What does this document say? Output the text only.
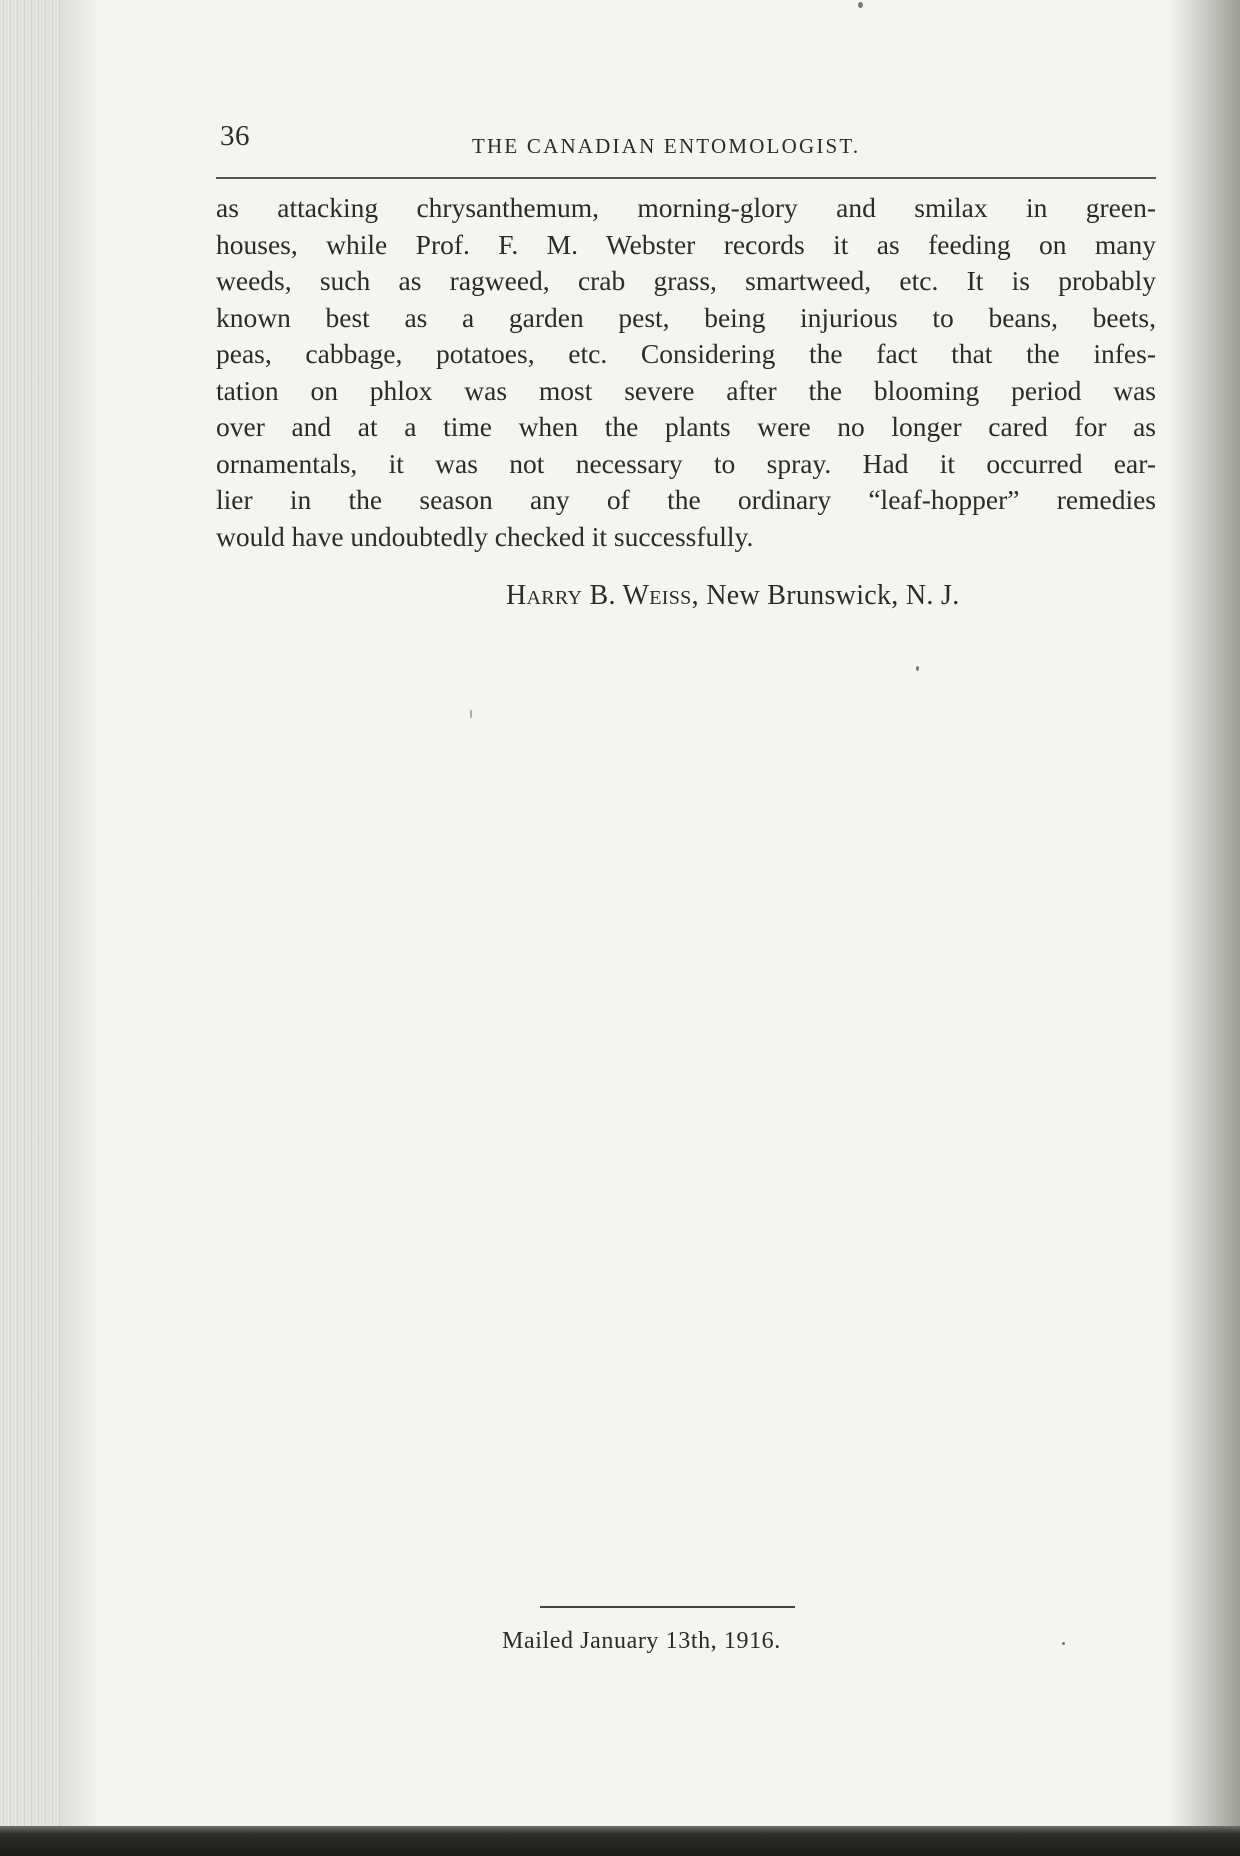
36	THE CANADIAN ENTOMOLOGIST.
as attacking chrysanthemum, morning-glory and smilax in green-
houses, while Prof. F. M. Webster records it as feeding on many
weeds, such as ragweed, crab grass, smartweed, etc. It is probably
known best as a garden pest, being injurious to beans, beets,
peas, cabbage, potatoes, etc. Considering the fact that the infes-
tation on phlox was most severe after the blooming period was
over and at a time when the plants were no longer cared for as
ornamentals, it was not necessary to spray. Had it occurred ear-
lier in the season any of the ordinary “leaf-hopper” remedies
would have undoubtedly checked it successfully.
Harry B. Weiss, New Brunswick, N. J.
Mailed January 13th, 1916.
